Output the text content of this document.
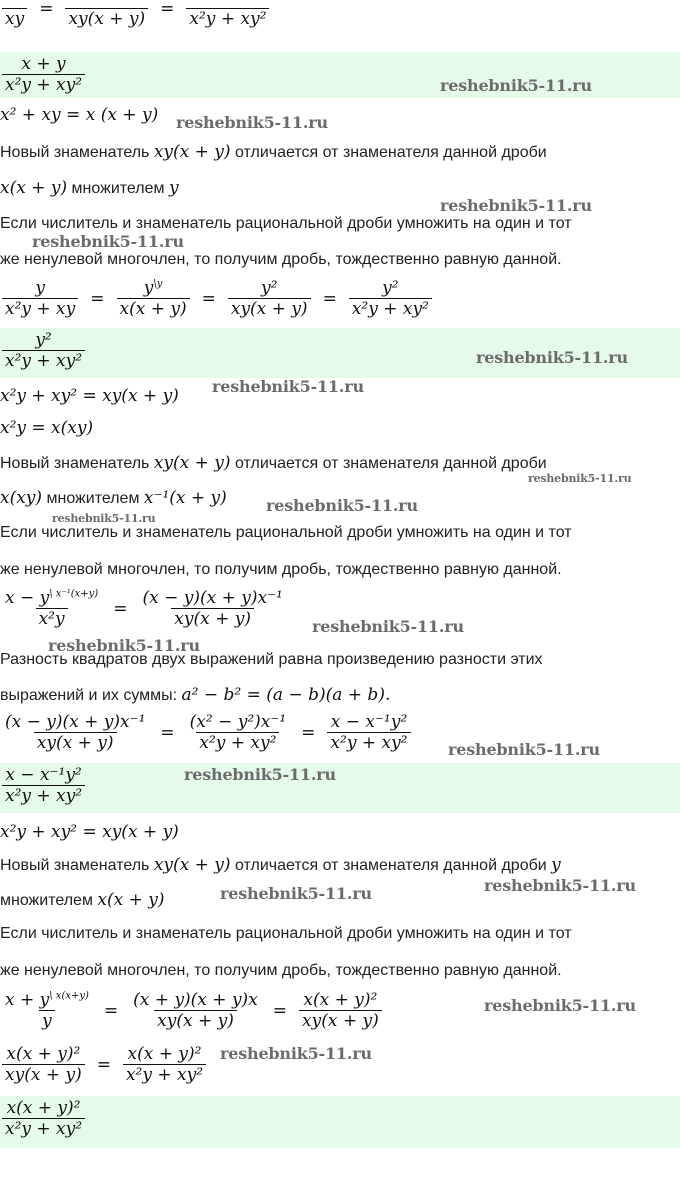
xy
=

xy(x + y)
=

x²y + xy²
$\frac{x + y}{\text{x²y + xy²}}$
x² + xy = x (x + y)
Новый знаменатель xy(x + y) отличается от знаменателя данной дроби
x(x + y) множителем y
Если числитель и знаменатель рациональной дроби умножить на один и тот
же ненулевой многочлен, то получим дробь, тождественно равную данной.
$\frac{y}{\text{x²y + xy}} = \frac{y^{\backslash y}}{x(x + y)} = \frac{\text{y²}}{xy(x + y)} = \frac{\text{y²}}{\text{x²y + xy²}}$
$\frac{\text{y²}}{\text{x²y + xy²}}$
x²y + xy² = xy(x + y)
x²y = x(xy)
Новый знаменатель xy(x + y) отличается от знаменателя данной дроби
x(xy) множителем x⁻¹(x + y)
Если числитель и знаменатель рациональной дроби умножить на один и тот
же ненулевой многочлен, то получим дробь, тождественно равную данной.
$\frac{x - y^{\backslash x^{-1}(x+y)}}{\text{x²y}} = \frac{\text{(x − y)(x + y)x⁻¹}}{xy(x + y)}$
Разность квадратов двух выражений равна произведению разности этих
выражений и их суммы: a² − b² = (a − b)(a + b).
$\frac{\text{(x − y)(x + y)x⁻¹}}{xy(x + y)} = \frac{\text{(x² − y²)x⁻¹}}{\text{x²y + xy²}} = \frac{\text{x − x⁻¹y²}}{\text{x²y + xy²}}$
$\frac{\text{x − x⁻¹y²}}{\text{x²y + xy²}}$
x²y + xy² = xy(x + y)
Новый знаменатель xy(x + y) отличается от знаменателя данной дроби y
множителем x(x + y)
Если числитель и знаменатель рациональной дроби умножить на один и тот
же ненулевой многочлен, то получим дробь, тождественно равную данной.
$\frac{x + y^{\backslash x(x+y)}}{y} = \frac{(x + y)(x + y)x}{xy(x + y)} = \frac{\text{x(x + y)²}}{xy(x + y)}$
$\frac{\text{x(x + y)²}}{xy(x + y)} = \frac{\text{x(x + y)²}}{\text{x²y + xy²}}$
$\frac{\text{x(x + y)²}}{\text{x²y + xy²}}$
reshebnik5-11.ru
reshebnik5-11.ru
reshebnik5-11.ru
reshebnik5-11.ru
reshebnik5-11.ru
reshebnik5-11.ru
reshebnik5-11.ru
reshebnik5-11.ru
reshebnik5-11.ru
reshebnik5-11.ru
reshebnik5-11.ru
reshebnik5-11.ru
reshebnik5-11.ru
reshebnik5-11.ru
reshebnik5-11.ru
reshebnik5-11.ru
reshebnik5-11.ru
